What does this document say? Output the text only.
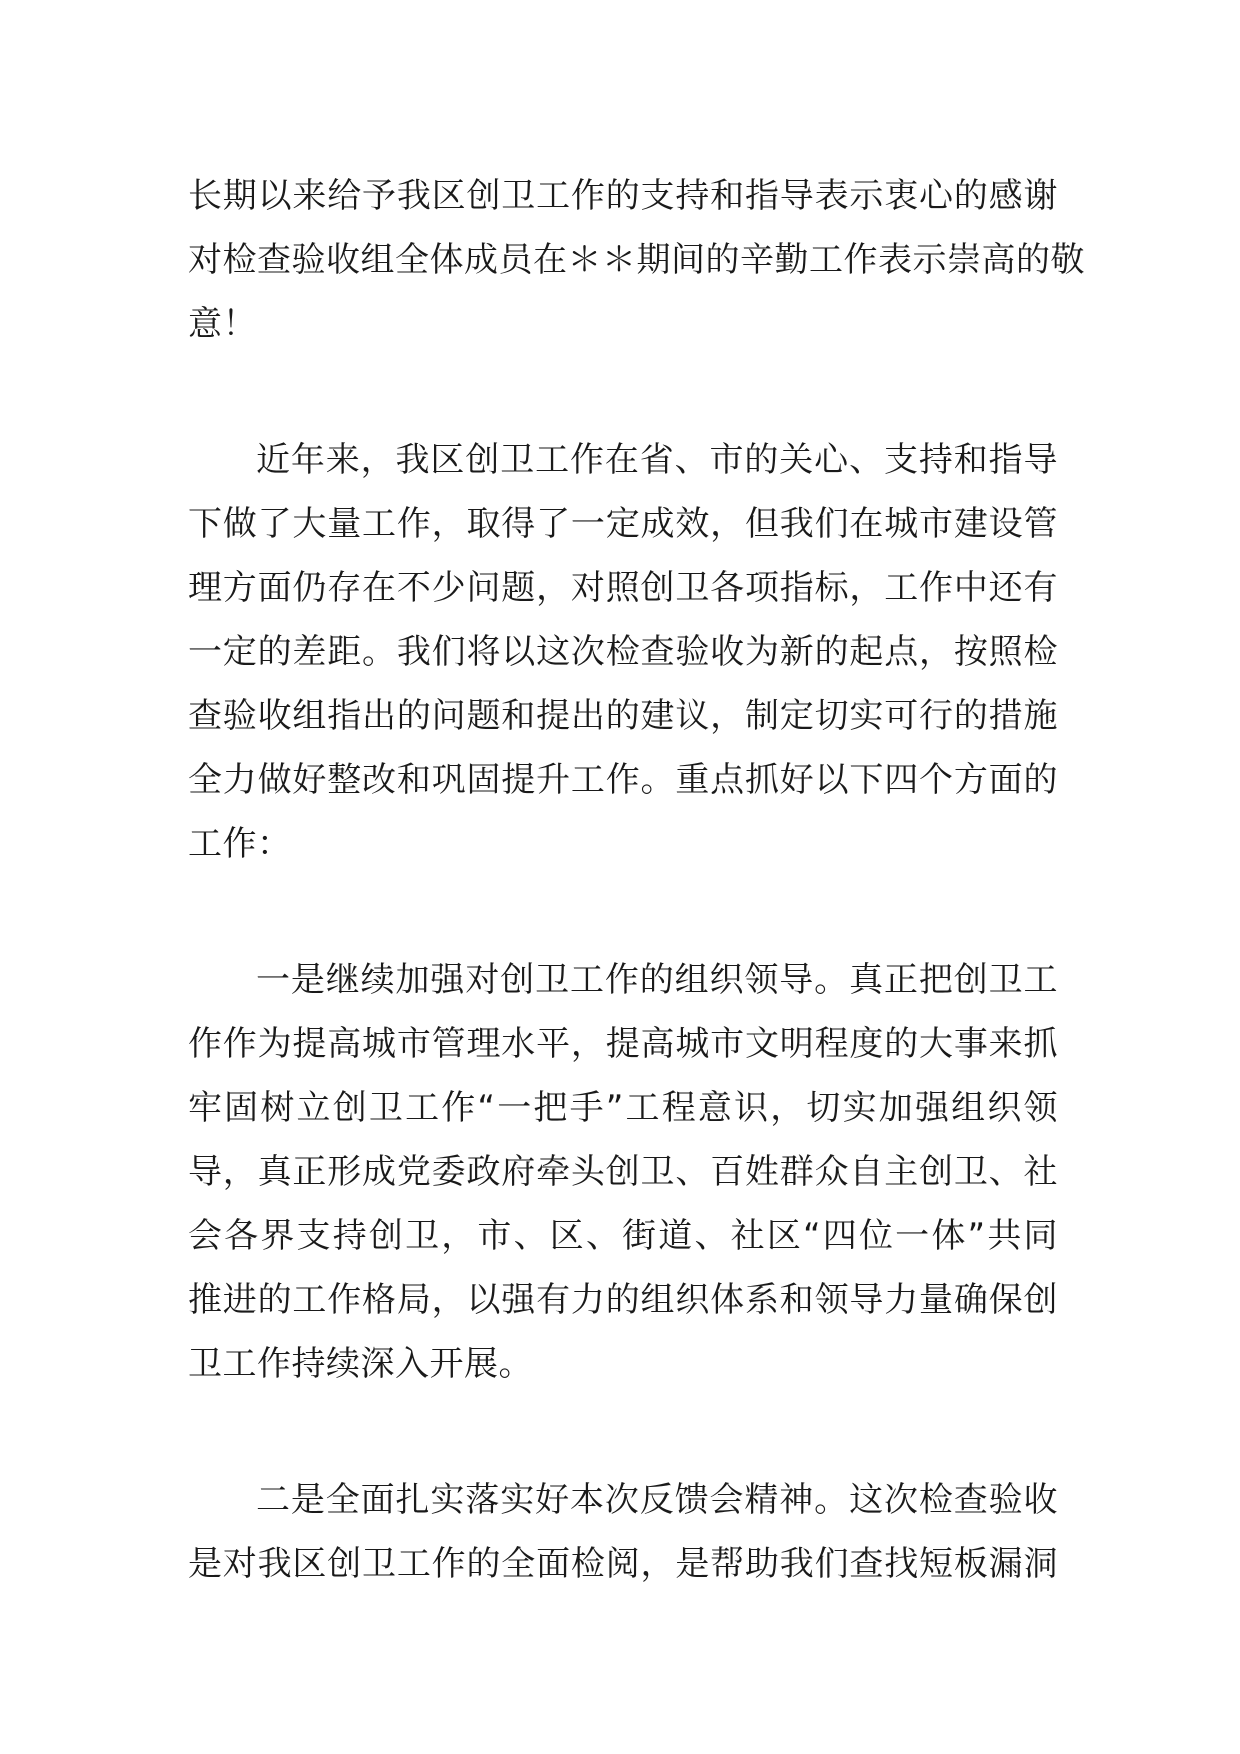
长期以来给予我区创卫工作的支持和指导表示衷心的感谢
对检查验收组全体成员在＊＊期间的辛勤工作表示崇高的敬
意！
近年来，我区创卫工作在省、市的关心、支持和指导
下做了大量工作，取得了一定成效，但我们在城市建设管
理方面仍存在不少问题，对照创卫各项指标，工作中还有
一定的差距。我们将以这次检查验收为新的起点，按照检
查验收组指出的问题和提出的建议，制定切实可行的措施
全力做好整改和巩固提升工作。重点抓好以下四个方面的
工作：
一是继续加强对创卫工作的组织领导。真正把创卫工
作作为提高城市管理水平，提高城市文明程度的大事来抓
牢固树立创卫工作“一把手”工程意识，切实加强组织领
导，真正形成党委政府牵头创卫、百姓群众自主创卫、社
会各界支持创卫，市、区、街道、社区“四位一体”共同
推进的工作格局，以强有力的组织体系和领导力量确保创
卫工作持续深入开展。
二是全面扎实落实好本次反馈会精神。这次检查验收
是对我区创卫工作的全面检阅，是帮助我们查找短板漏洞
